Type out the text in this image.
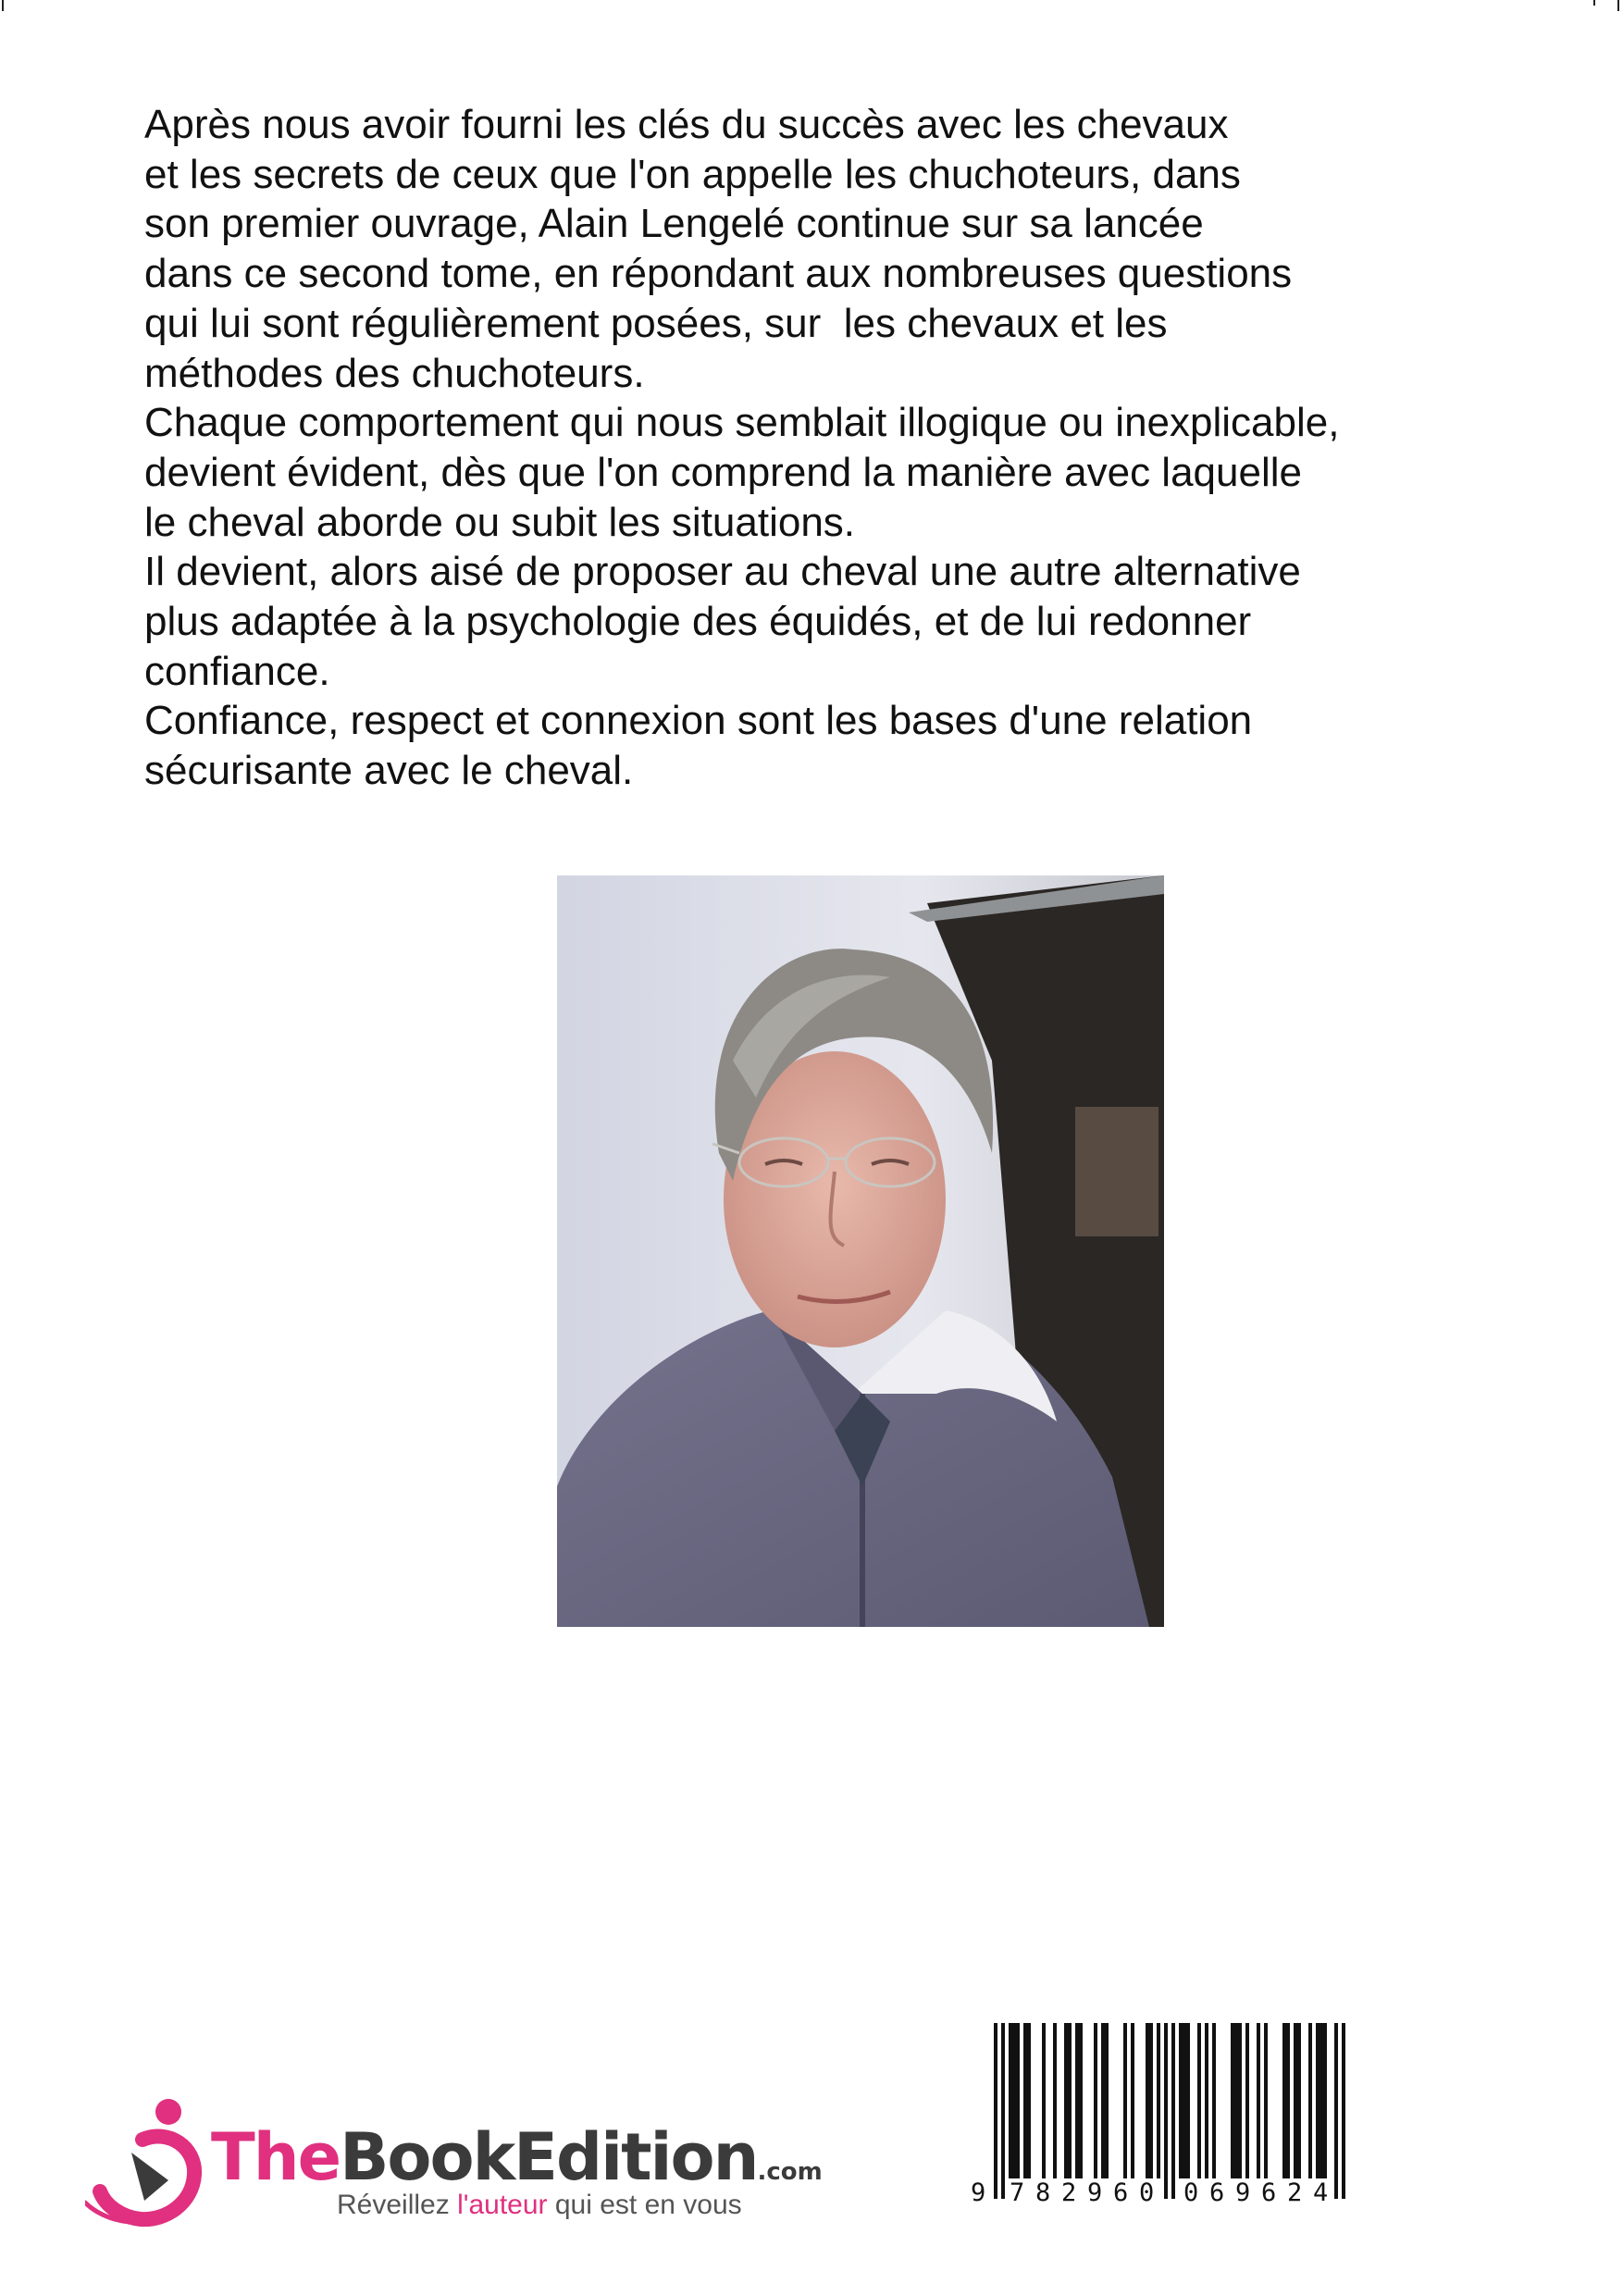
Après nous avoir fourni les clés du succès avec les chevaux
et les secrets de ceux que l'on appelle les chuchoteurs, dans
son premier ouvrage, Alain Lengelé continue sur sa lancée
dans ce second tome, en répondant aux nombreuses questions
qui lui sont régulièrement posées, sur  les chevaux et les
méthodes des chuchoteurs.
Chaque comportement qui nous semblait illogique ou inexplicable,
devient évident, dès que l'on comprend la manière avec laquelle
le cheval aborde ou subit les situations.
Il devient, alors aisé de proposer au cheval une autre alternative
plus adaptée à la psychologie des équidés, et de lui redonner
confiance.
Confiance, respect et connexion sont les bases d'une relation
sécurisante avec le cheval.
TheBookEdition.com
Réveillez l'auteur qui est en vous	9 7 8 2 9 6 0 0 6 9 6 2 4
